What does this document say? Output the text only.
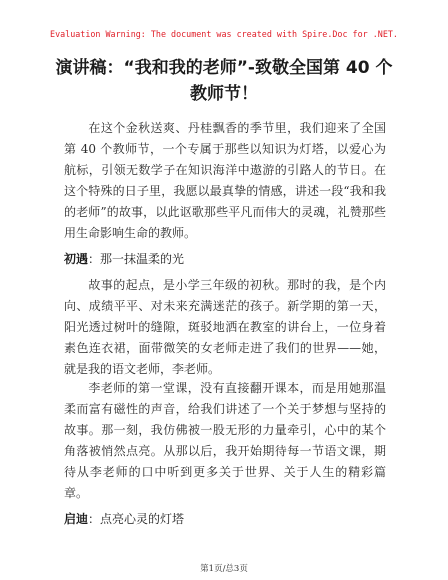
Evaluation Warning: The document was created with Spire.Doc for .NET.
演讲稿：“我和我的老师”-致敬全国第 40 个
教师节！

在这个金秋送爽、丹桂飘香的季节里，我们迎来了全国第 40 个教师节，一个专属于那些以知识为灯塔，以爱心为航标，引领无数学子在知识海洋中遨游的引路人的节日。在这个特殊的日子里，我愿以最真挚的情感，讲述一段“我和我的老师”的故事，以此讴歌那些平凡而伟大的灵魂，礼赞那些用生命影响生命的教师。

初遇：那一抹温柔的光

故事的起点，是小学三年级的初秋。那时的我，是个内向、成绩平平、对未来充满迷茫的孩子。新学期的第一天，阳光透过树叶的缝隙，斑驳地洒在教室的讲台上，一位身着素色连衣裙，面带微笑的女老师走进了我们的世界——她，就是我的语文老师，李老师。

李老师的第一堂课，没有直接翻开课本，而是用她那温柔而富有磁性的声音，给我们讲述了一个关于梦想与坚持的故事。那一刻，我仿佛被一股无形的力量牵引，心中的某个角落被悄然点亮。从那以后，我开始期待每一节语文课，期待从李老师的口中听到更多关于世界、关于人生的精彩篇章。

启迪：点亮心灵的灯塔
第1页/总3页
